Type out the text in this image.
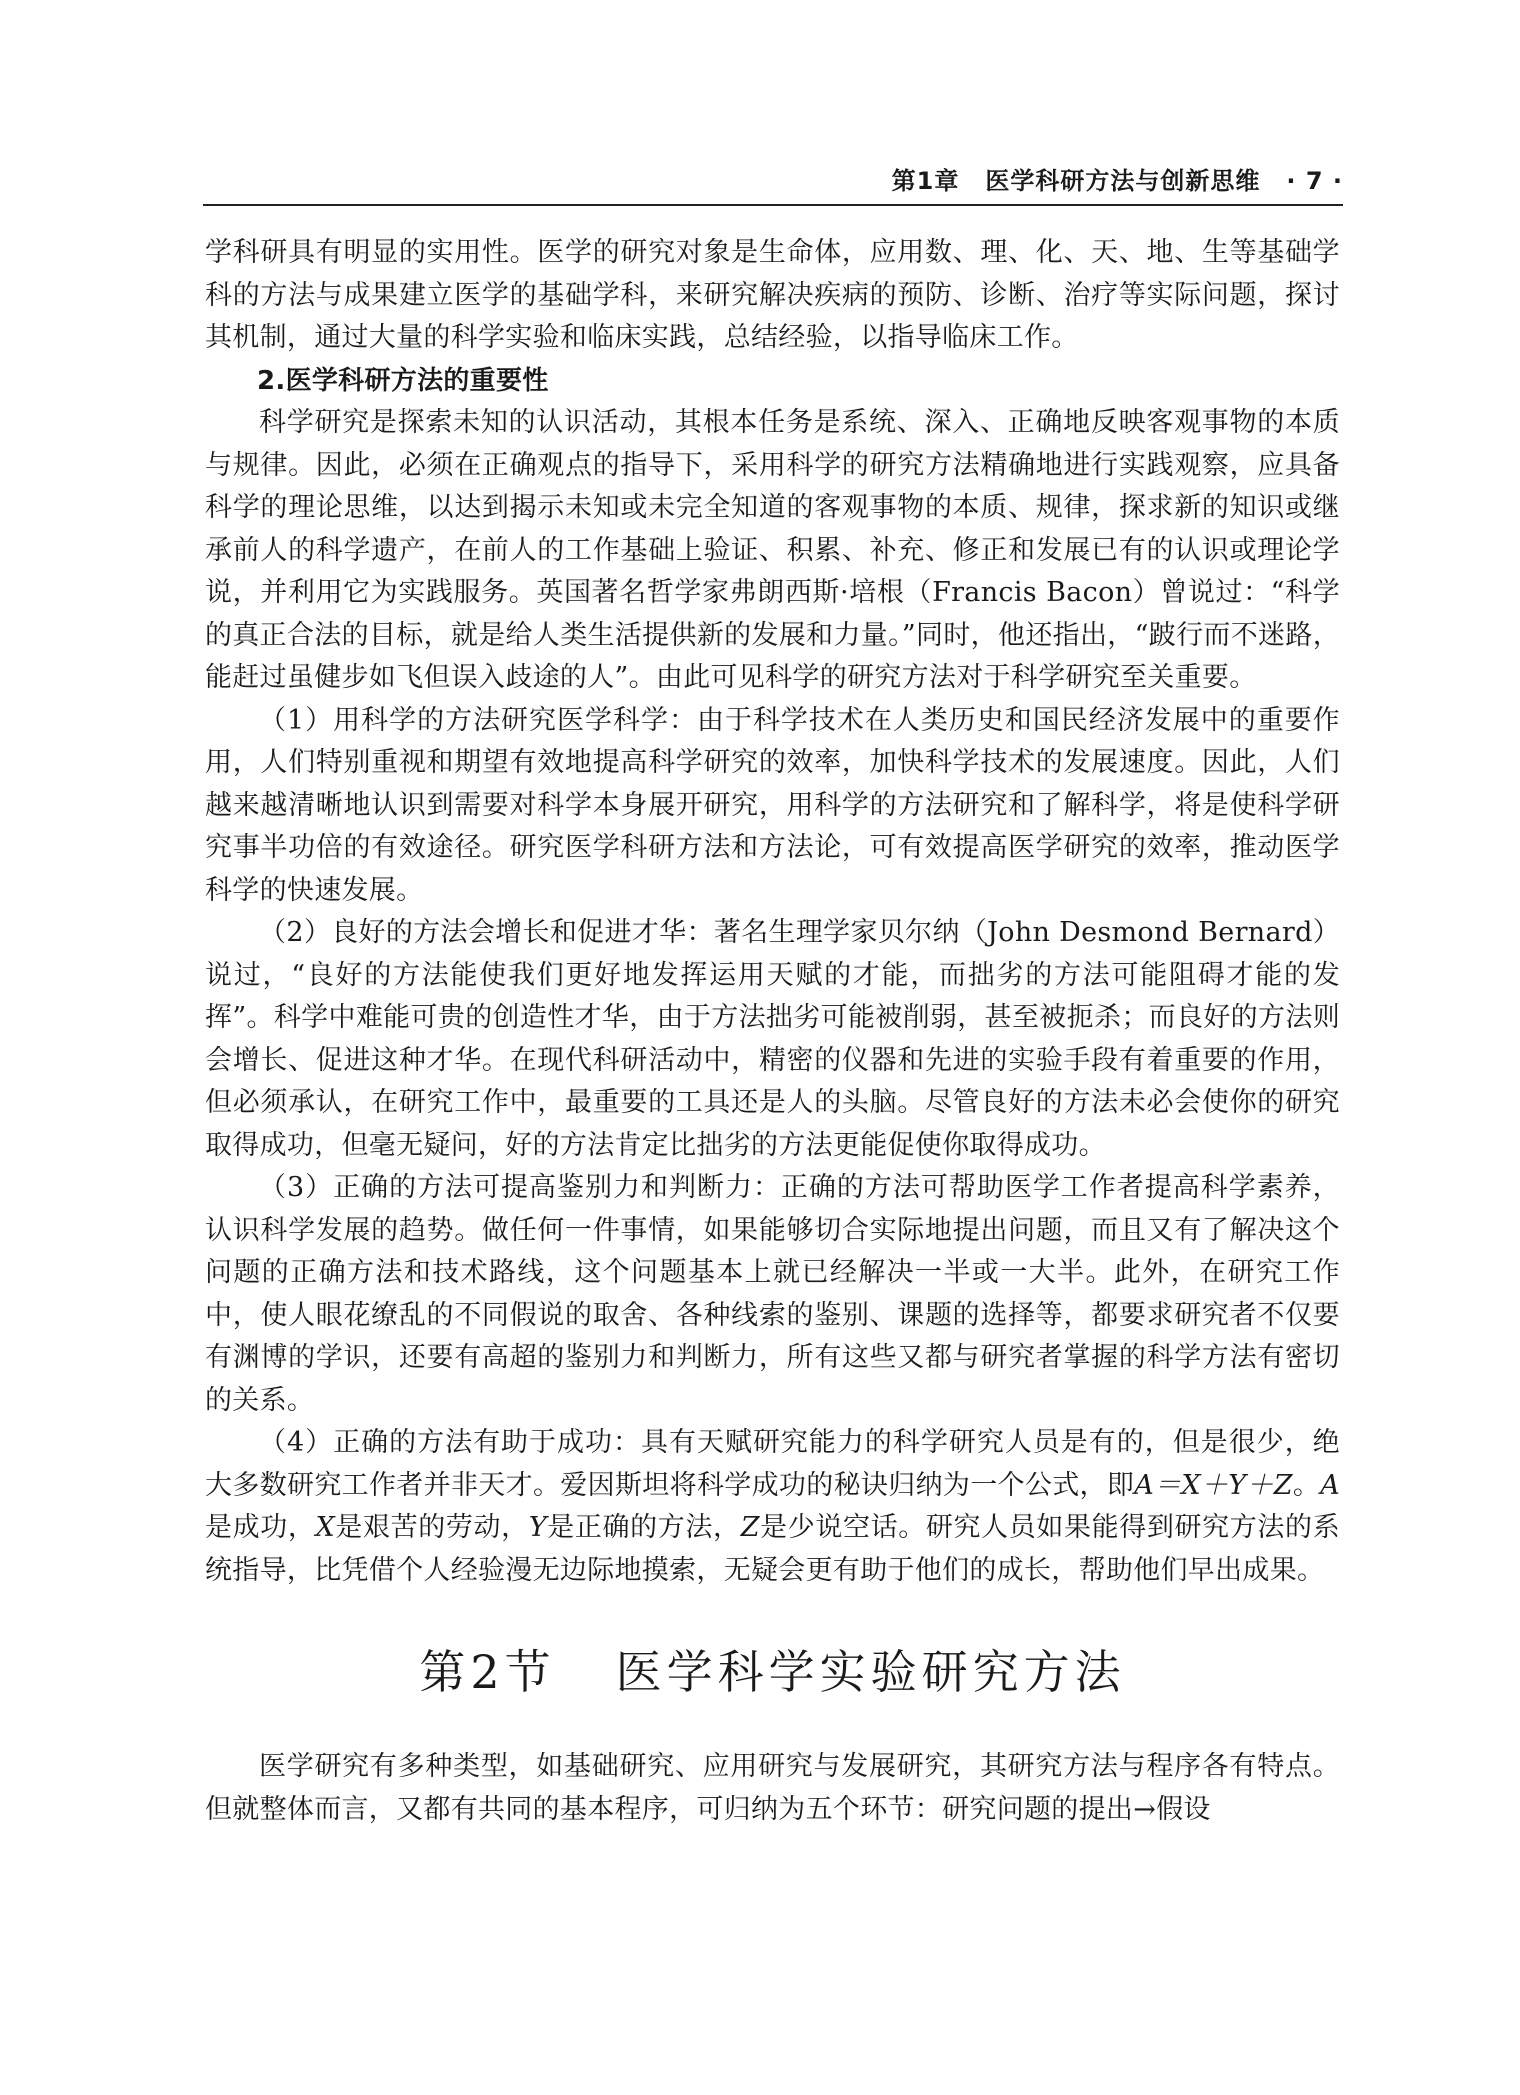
第1章 医学科研方法与创新思维 · 7 ·

学科研具有明显的实用性。医学的研究对象是生命体，应用数、理、化、天、地、生等基础学科的方法与成果建立医学的基础学科，来研究解决疾病的预防、诊断、治疗等实际问题，探讨其机制，通过大量的科学实验和临床实践，总结经验，以指导临床工作。

2.医学科研方法的重要性

科学研究是探索未知的认识活动，其根本任务是系统、深入、正确地反映客观事物的本质与规律。因此，必须在正确观点的指导下，采用科学的研究方法精确地进行实践观察，应具备科学的理论思维，以达到揭示未知或未完全知道的客观事物的本质、规律，探求新的知识或继承前人的科学遗产，在前人的工作基础上验证、积累、补充、修正和发展已有的认识或理论学说，并利用它为实践服务。英国著名哲学家弗朗西斯·培根（Francis Bacon）曾说过：“科学的真正合法的目标，就是给人类生活提供新的发展和力量。”同时，他还指出，“跛行而不迷路，能赶过虽健步如飞但误入歧途的人”。由此可见科学的研究方法对于科学研究至关重要。

（1）用科学的方法研究医学科学：由于科学技术在人类历史和国民经济发展中的重要作用，人们特别重视和期望有效地提高科学研究的效率，加快科学技术的发展速度。因此，人们越来越清晰地认识到需要对科学本身展开研究，用科学的方法研究和了解科学，将是使科学研究事半功倍的有效途径。研究医学科研方法和方法论，可有效提高医学研究的效率，推动医学科学的快速发展。

（2）良好的方法会增长和促进才华：著名生理学家贝尔纳（John Desmond Bernard）说过，“良好的方法能使我们更好地发挥运用天赋的才能，而拙劣的方法可能阻碍才能的发挥”。科学中难能可贵的创造性才华，由于方法拙劣可能被削弱，甚至被扼杀；而良好的方法则会增长、促进这种才华。在现代科研活动中，精密的仪器和先进的实验手段有着重要的作用，但必须承认，在研究工作中，最重要的工具还是人的头脑。尽管良好的方法未必会使你的研究取得成功，但毫无疑问，好的方法肯定比拙劣的方法更能促使你取得成功。

（3）正确的方法可提高鉴别力和判断力：正确的方法可帮助医学工作者提高科学素养，认识科学发展的趋势。做任何一件事情，如果能够切合实际地提出问题，而且又有了解决这个问题的正确方法和技术路线，这个问题基本上就已经解决一半或一大半。此外，在研究工作中，使人眼花缭乱的不同假说的取舍、各种线索的鉴别、课题的选择等，都要求研究者不仅要有渊博的学识，还要有高超的鉴别力和判断力，所有这些又都与研究者掌握的科学方法有密切的关系。

（4）正确的方法有助于成功：具有天赋研究能力的科学研究人员是有的，但是很少，绝大多数研究工作者并非天才。爱因斯坦将科学成功的秘诀归纳为一个公式，即A＝X＋Y＋Z。A是成功，X是艰苦的劳动，Y是正确的方法，Z是少说空话。研究人员如果能得到研究方法的系统指导，比凭借个人经验漫无边际地摸索，无疑会更有助于他们的成长，帮助他们早出成果。

第2节 医学科学实验研究方法

医学研究有多种类型，如基础研究、应用研究与发展研究，其研究方法与程序各有特点。但就整体而言，又都有共同的基本程序，可归纳为五个环节：研究问题的提出→假设
